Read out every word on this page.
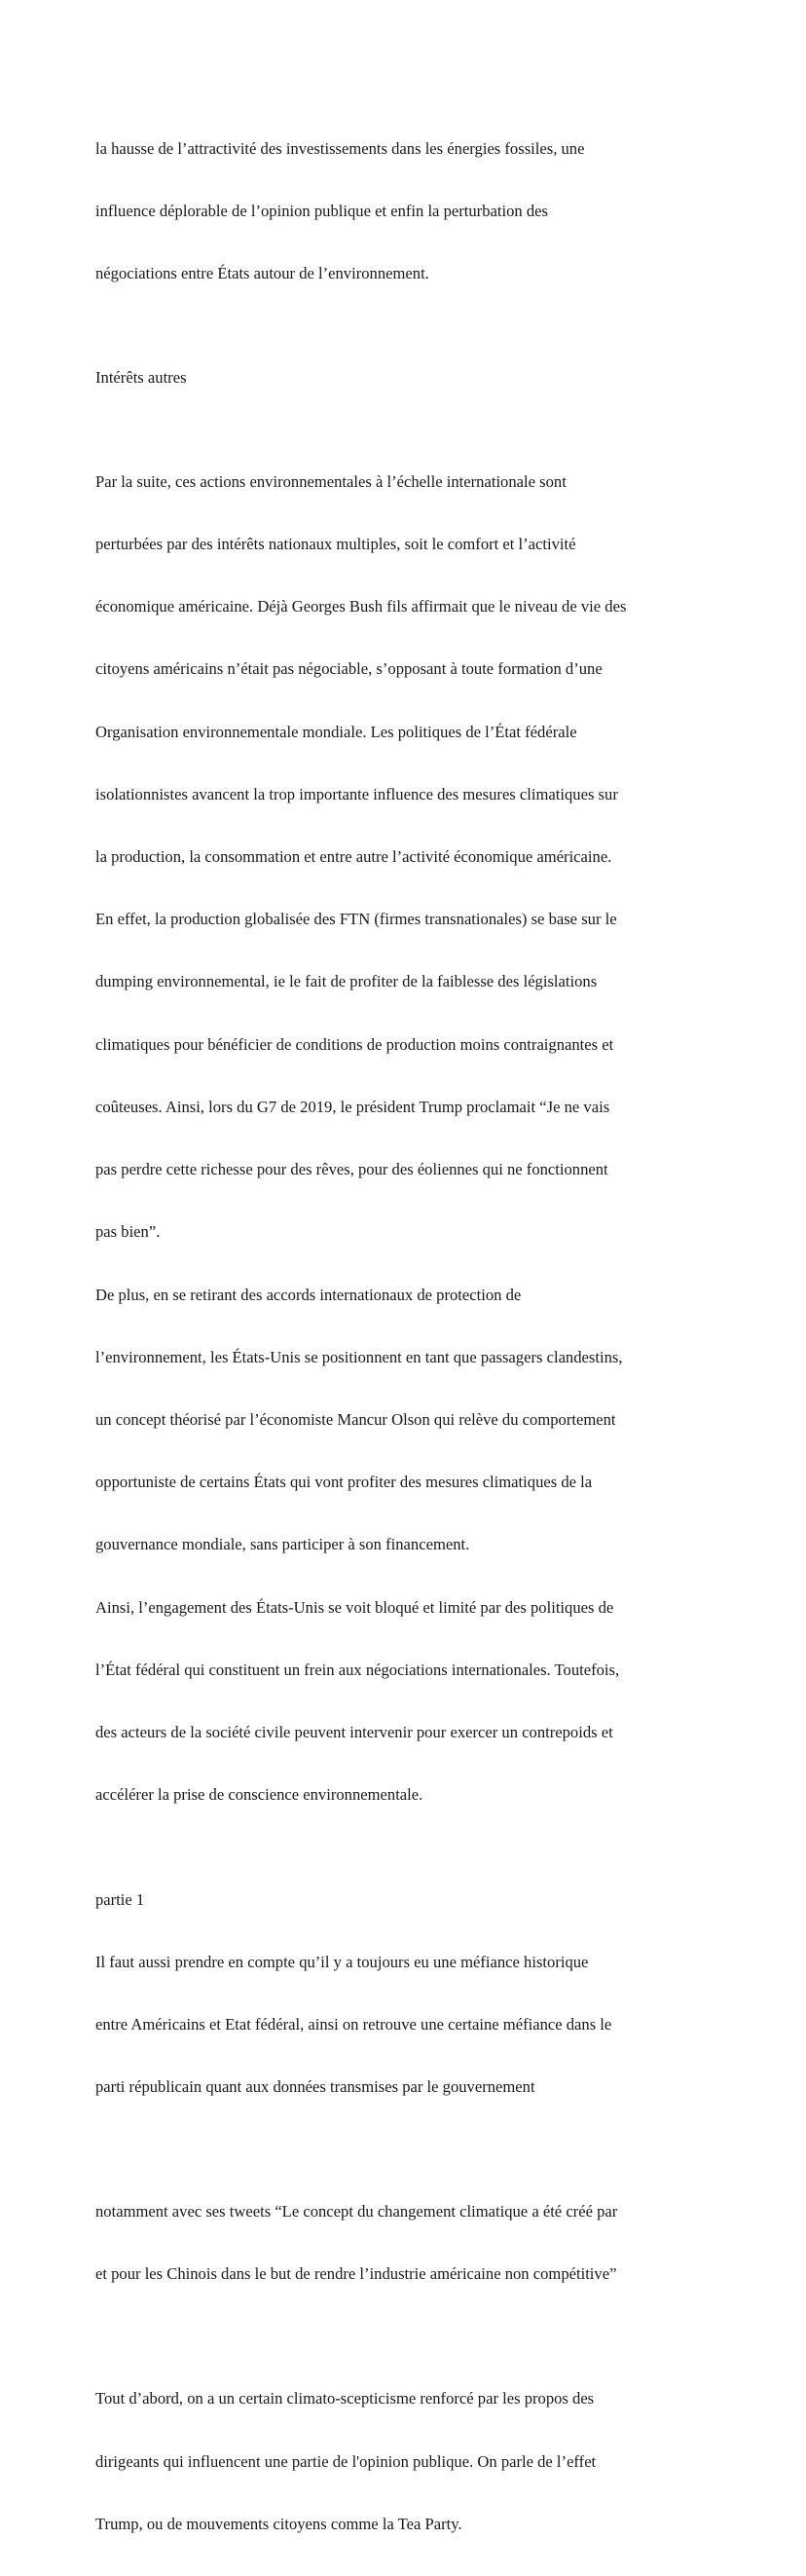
la hausse de l’attractivité des investissements dans les énergies fossiles, une

influence déplorable de l’opinion publique et enfin la perturbation des

négociations entre États autour de l’environnement.

Intérêts autres

Par la suite, ces actions environnementales à l’échelle internationale sont

perturbées par des intérêts nationaux multiples, soit le comfort et l’activité

économique américaine. Déjà Georges Bush fils affirmait que le niveau de vie des

citoyens américains n’était pas négociable, s’opposant à toute formation d’une

Organisation environnementale mondiale. Les politiques de l’État fédérale

isolationnistes avancent la trop importante influence des mesures climatiques sur

la production, la consommation et entre autre l’activité économique américaine.

En effet, la production globalisée des FTN (firmes transnationales) se base sur le

dumping environnemental, ie le fait de profiter de la faiblesse des législations

climatiques pour bénéficier de conditions de production moins contraignantes et

coûteuses. Ainsi, lors du G7 de 2019, le président Trump proclamait “Je ne vais

pas perdre cette richesse pour des rêves, pour des éoliennes qui ne fonctionnent

pas bien”.

De plus, en se retirant des accords internationaux de protection de

l’environnement, les États-Unis se positionnent en tant que passagers clandestins,

un concept théorisé par l’économiste Mancur Olson qui relève du comportement

opportuniste de certains États qui vont profiter des mesures climatiques de la

gouvernance mondiale, sans participer à son financement.

Ainsi, l’engagement des États-Unis se voit bloqué et limité par des politiques de

l’État fédéral qui constituent un frein aux négociations internationales. Toutefois,

des acteurs de la société civile peuvent intervenir pour exercer un contrepoids et

accélérer la prise de conscience environnementale.

partie 1

Il faut aussi prendre en compte qu’il y a toujours eu une méfiance historique

entre Américains et Etat fédéral, ainsi on retrouve une certaine méfiance dans le

parti républicain quant aux données transmises par le gouvernement

notamment avec ses tweets “Le concept du changement climatique a été créé par

et pour les Chinois dans le but de rendre l’industrie américaine non compétitive”

Tout d’abord, on a un certain climato-scepticisme renforcé par les propos des

dirigeants qui influencent une partie de l'opinion publique. On parle de l’effet

Trump, ou de mouvements citoyens comme la Tea Party.
